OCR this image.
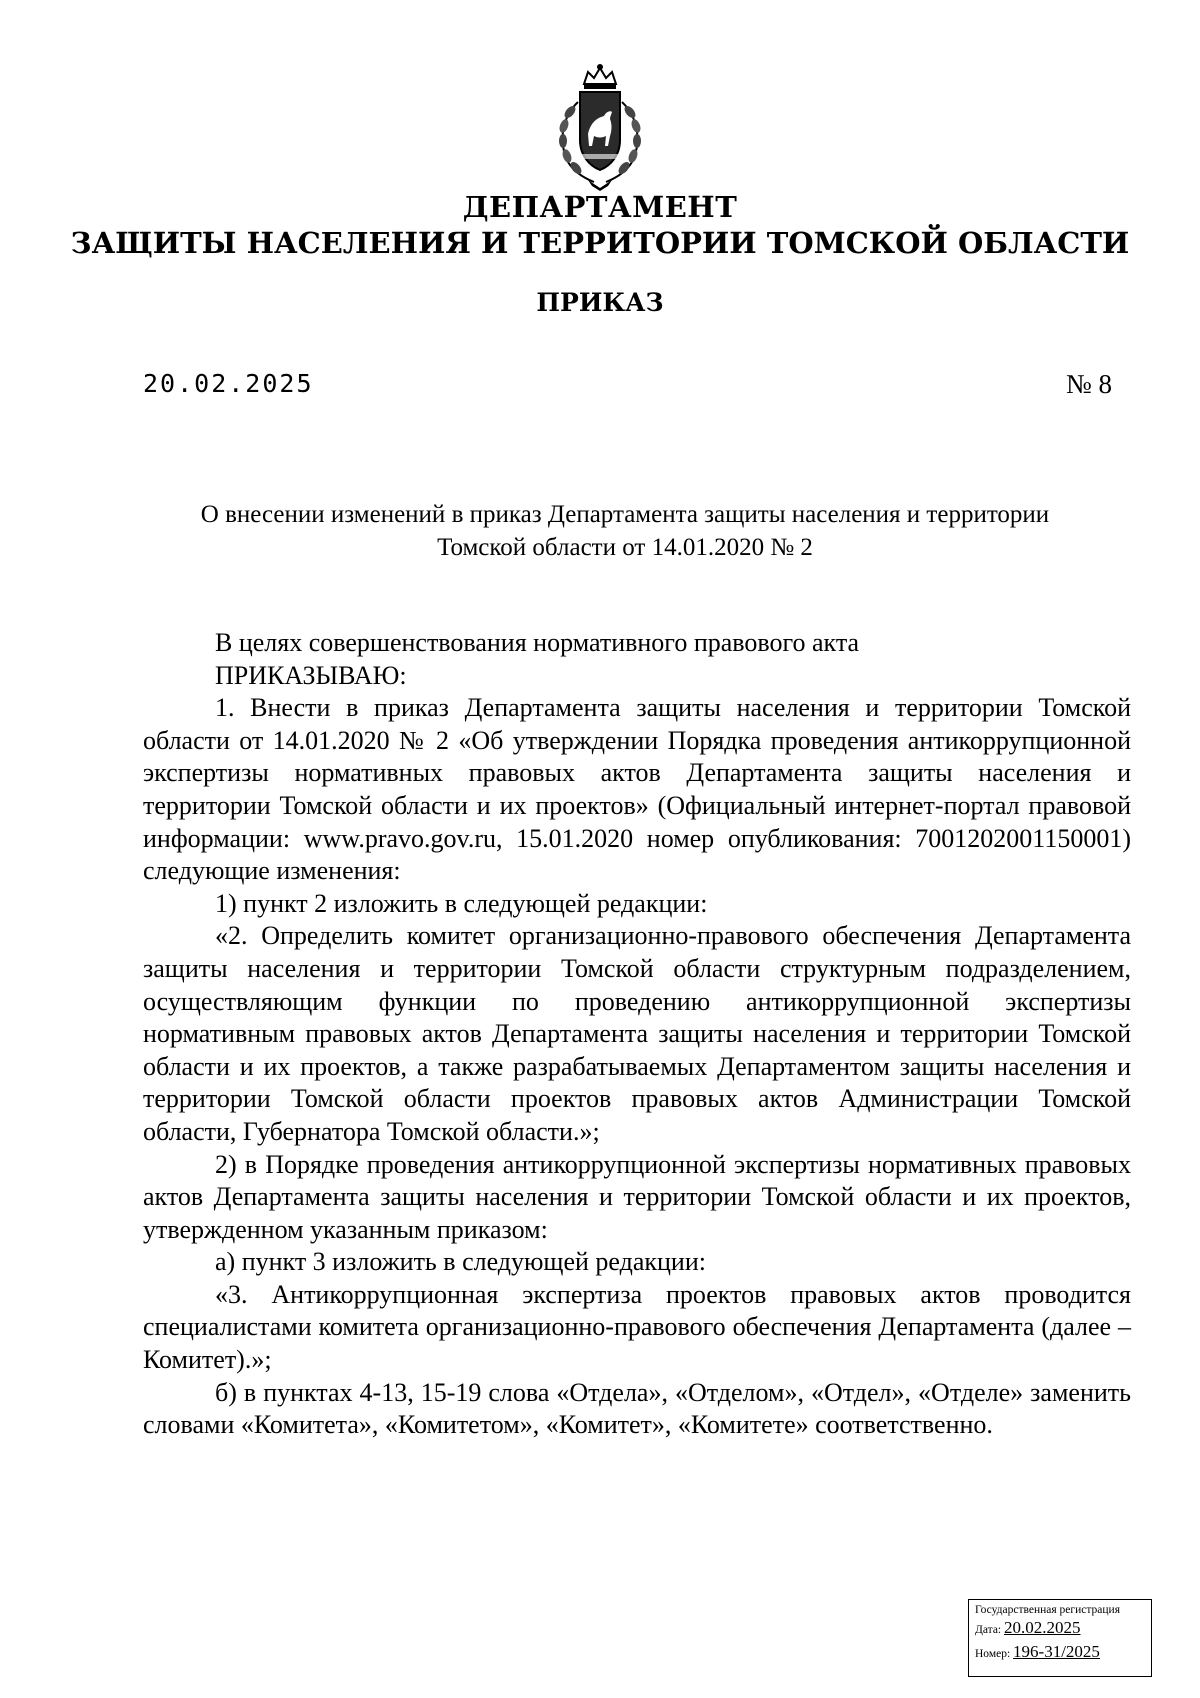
ДЕПАРТАМЕНТ
ЗАЩИТЫ НАСЕЛЕНИЯ И ТЕРРИТОРИИ ТОМСКОЙ ОБЛАСТИ
ПРИКАЗ
20.02.2025	№ 8
О внесении изменений в приказ Департамента защиты населения и территории
Томской области от 14.01.2020 № 2

В целях совершенствования нормативного правового акта

ПРИКАЗЫВАЮ:

1. Внести в приказ Департамента защиты населения и территории Томской области от 14.01.2020 № 2 «Об утверждении Порядка проведения антикоррупционной экспертизы нормативных правовых актов Департамента защиты населения и территории Томской области и их проектов» (Официальный интернет-портал правовой информации: www.pravo.gov.ru, 15.01.2020 номер опубликования: 7001202001150001) следующие изменения:

1) пункт 2 изложить в следующей редакции:

«2. Определить комитет организационно-правового обеспечения Департамента защиты населения и территории Томской области структурным подразделением, осуществляющим функции по проведению антикоррупционной экспертизы нормативным правовых актов Департамента защиты населения и территории Томской области и их проектов, а также разрабатываемых Департаментом защиты населения и территории Томской области проектов правовых актов Администрации Томской области, Губернатора Томской области.»;

2) в Порядке проведения антикоррупционной экспертизы нормативных правовых актов Департамента защиты населения и территории Томской области и их проектов, утвержденном указанным приказом:

а) пункт 3 изложить в следующей редакции:

«3. Антикоррупционная экспертиза проектов правовых актов проводится специалистами комитета организационно-правового обеспечения Департамента (далее – Комитет).»;

б) в пунктах 4-13, 15-19 слова «Отдела», «Отделом», «Отдел», «Отделе» заменить словами «Комитета», «Комитетом», «Комитет», «Комитете» соответственно.

Государственная регистрация
Дата: 20.02.2025
Номер: 196-31/2025
